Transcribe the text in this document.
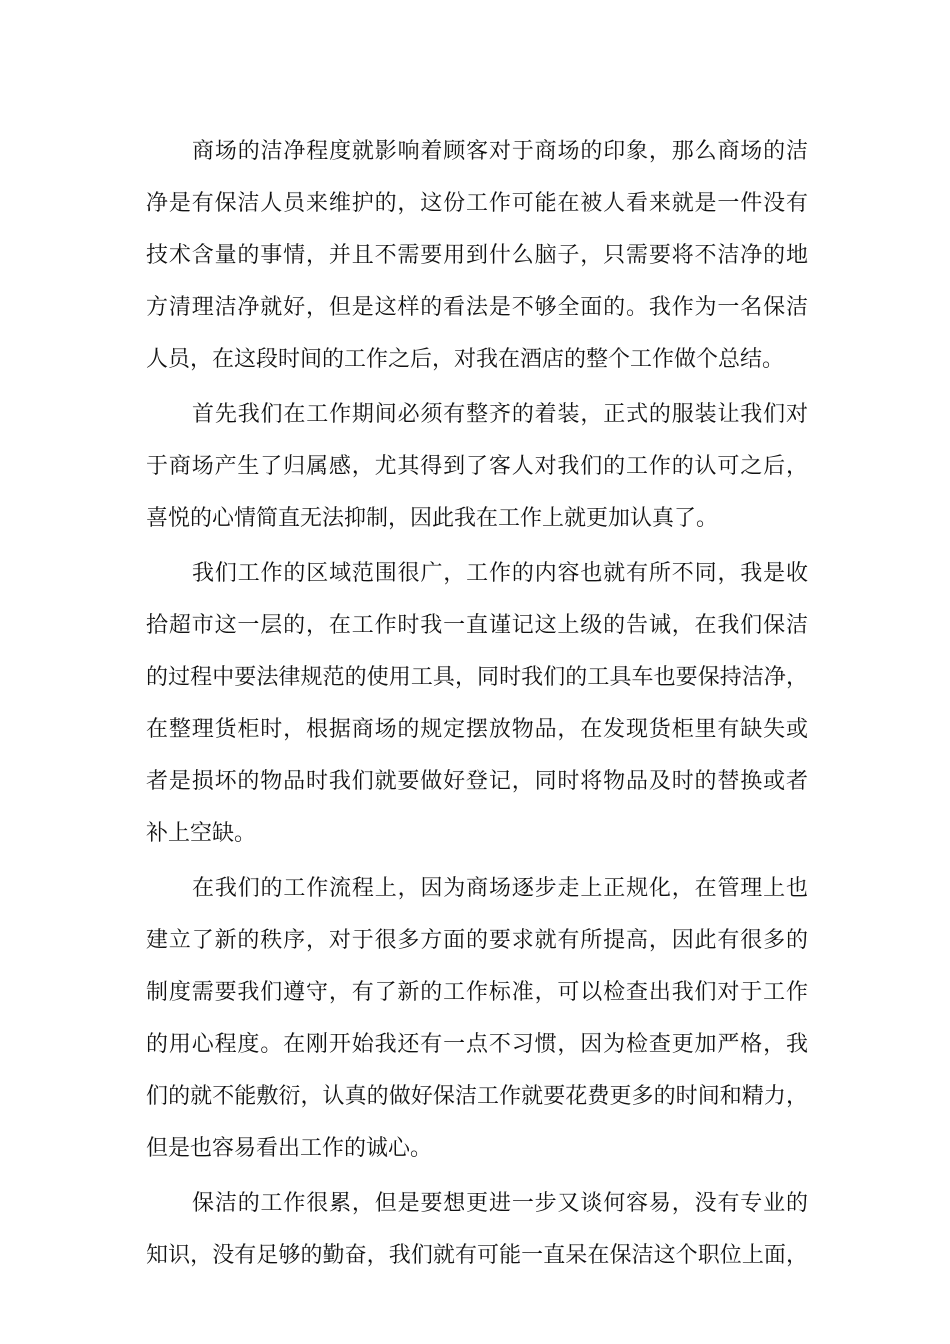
商场的洁净程度就影响着顾客对于商场的印象，那么商场的洁
净是有保洁人员来维护的，这份工作可能在被人看来就是一件没有
技术含量的事情，并且不需要用到什么脑子，只需要将不洁净的地
方清理洁净就好，但是这样的看法是不够全面的。我作为一名保洁
人员，在这段时间的工作之后，对我在酒店的整个工作做个总结。
首先我们在工作期间必须有整齐的着装，正式的服装让我们对
于商场产生了归属感，尤其得到了客人对我们的工作的认可之后，
喜悦的心情简直无法抑制，因此我在工作上就更加认真了。
我们工作的区域范围很广，工作的内容也就有所不同，我是收
拾超市这一层的，在工作时我一直谨记这上级的告诫，在我们保洁
的过程中要法律规范的使用工具，同时我们的工具车也要保持洁净，
在整理货柜时，根据商场的规定摆放物品，在发现货柜里有缺失或
者是损坏的物品时我们就要做好登记，同时将物品及时的替换或者
补上空缺。
在我们的工作流程上，因为商场逐步走上正规化，在管理上也
建立了新的秩序，对于很多方面的要求就有所提高，因此有很多的
制度需要我们遵守，有了新的工作标准，可以检查出我们对于工作
的用心程度。在刚开始我还有一点不习惯，因为检查更加严格，我
们的就不能敷衍，认真的做好保洁工作就要花费更多的时间和精力，
但是也容易看出工作的诚心。
保洁的工作很累，但是要想更进一步又谈何容易，没有专业的
知识，没有足够的勤奋，我们就有可能一直呆在保洁这个职位上面，
